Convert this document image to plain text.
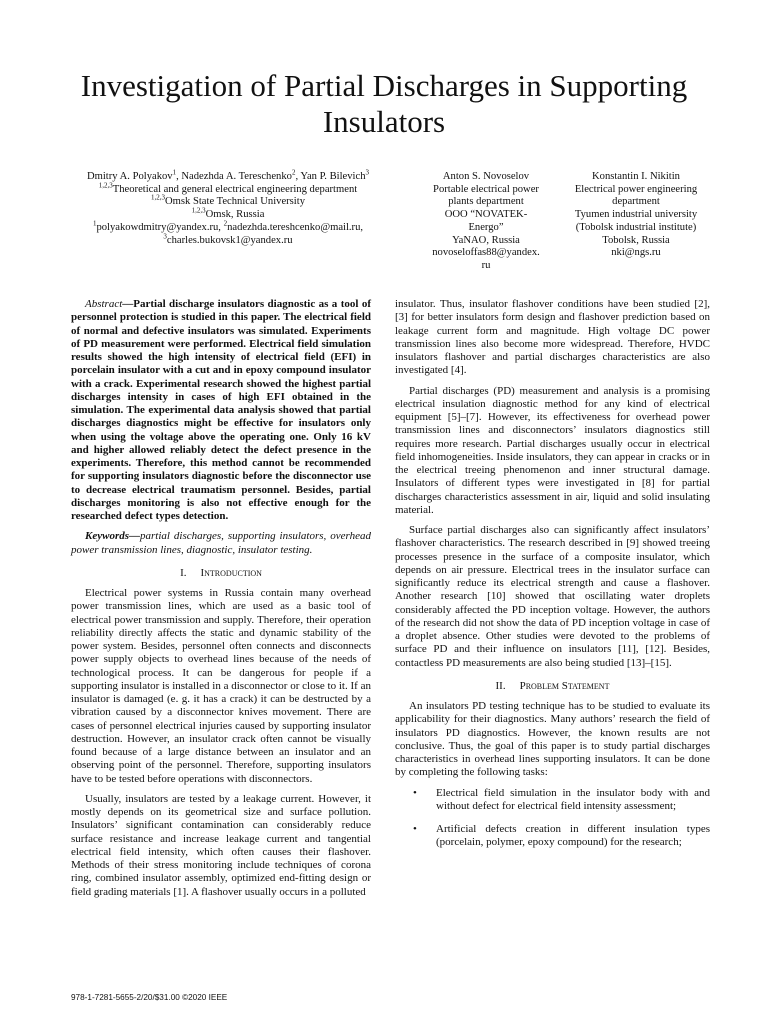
Investigation of Partial Discharges in Supporting Insulators
Dmitry A. Polyakov$^1$, Nadezhda A. Tereschenko$^2$, Yan P. Bilevich$^3$
$^{1,2,3}$Theoretical and general electrical engineering department
$^{1,2,3}$Omsk State Technical University
$^{1,2,3}$Omsk, Russia
$^1$polyakowdmitry@yandex.ru, $^2$nadezhda.tereshcenko@mail.ru,
$^3$charles.bukovsk1@yandex.ru
Anton S. Novoselov
Portable electrical power
plants department
OOO “NOVATEK-
Energo”
YaNAO, Russia
novoseloffas88@yandex.
ru
Konstantin I. Nikitin
Electrical power engineering
department
Tyumen industrial university
(Tobolsk industrial institute)
Tobolsk, Russia
nki@ngs.ru

Abstract—Partial discharge insulators diagnostic as a tool of personnel protection is studied in this paper. The electrical field of normal and defective insulators was simulated. Experiments of PD measurement were performed. Electrical field simulation results showed the high intensity of electrical field (EFI) in porcelain insulator with a cut and in epoxy compound insulator with a crack. Experimental research showed the highest partial discharges intensity in cases of high EFI obtained in the simulation. The experimental data analysis showed that partial discharges diagnostics might be effective for insulators only when using the voltage above the operating one. Only 16 kV and higher allowed reliably detect the defect presence in the experiments. Therefore, this method cannot be recommended for supporting insulators diagnostic before the disconnector use to decrease electrical traumatism personnel. Besides, partial discharges monitoring is also not effective enough for the researched defect types detection.

Keywords—partial discharges, supporting insulators, overhead power transmission lines, diagnostic, insulator testing.

I. Introduction

Electrical power systems in Russia contain many overhead power transmission lines, which are used as a basic tool of electrical power transmission and supply. Therefore, their operation reliability directly affects the static and dynamic stability of the power system. Besides, personnel often connects and disconnects power supply objects to overhead lines because of the needs of technological process. It can be dangerous for people if a supporting insulator is installed in a disconnector or close to it. If an insulator is damaged (e. g. it has a crack) it can be destructed by a vibration caused by a disconnector knives movement. There are cases of personnel electrical injuries caused by supporting insulator destruction. However, an insulator crack often cannot be visually found because of a large distance between an insulator and an observing point of the personnel. Therefore, supporting insulators have to be tested before operations with disconnectors.

Usually, insulators are tested by a leakage current. However, it mostly depends on its geometrical size and surface pollution. Insulators’ significant contamination can considerably reduce surface resistance and increase leakage current and tangential electrical field intensity, which often causes their flashover. Methods of their stress monitoring include techniques of corona ring, combined insulator assembly, optimized end-fitting design or field grading materials [1]. A flashover usually occurs in a polluted

insulator. Thus, insulator flashover conditions have been studied [2], [3] for better insulators form design and flashover prediction based on leakage current form and magnitude. High voltage DC power transmission lines also become more widespread. Therefore, HVDC insulators flashover and partial discharges characteristics are also investigated [4].

Partial discharges (PD) measurement and analysis is a promising electrical insulation diagnostic method for any kind of electrical equipment [5]–[7]. However, its effectiveness for overhead power transmission lines and disconnectors’ insulators diagnostics still requires more research. Partial discharges usually occur in electrical field inhomogeneities. Inside insulators, they can appear in cracks or in the electrical treeing phenomenon and inner structural damage. Insulators of different types were investigated in [8] for partial discharges characteristics assessment in air, liquid and solid insulating material.

Surface partial discharges also can significantly affect insulators’ flashover characteristics. The research described in [9] showed treeing processes presence in the surface of a composite insulator, which depends on air pressure. Electrical trees in the insulator surface can significantly reduce its electrical strength and cause a flashover. Another research [10] showed that oscillating water droplets considerably affected the PD inception voltage. However, the authors of the research did not show the data of PD inception voltage in case of a droplet absence. Other studies were devoted to the problems of surface PD and their influence on insulators [11], [12]. Besides, contactless PD measurements are also being studied [13]–[15].

II. Problem Statement

An insulators PD testing technique has to be studied to evaluate its applicability for their diagnostics. Many authors’ research the field of insulators PD diagnostics. However, the known results are not conclusive. Thus, the goal of this paper is to study partial discharges characteristics in overhead lines supporting insulators. It can be done by completing the following tasks:

• Electrical field simulation in the insulator body with and without defect for electrical field intensity assessment;
• Artificial defects creation in different insulation types (porcelain, polymer, epoxy compound) for the research;
978-1-7281-5655-2/20/$31.00 ©2020 IEEE
